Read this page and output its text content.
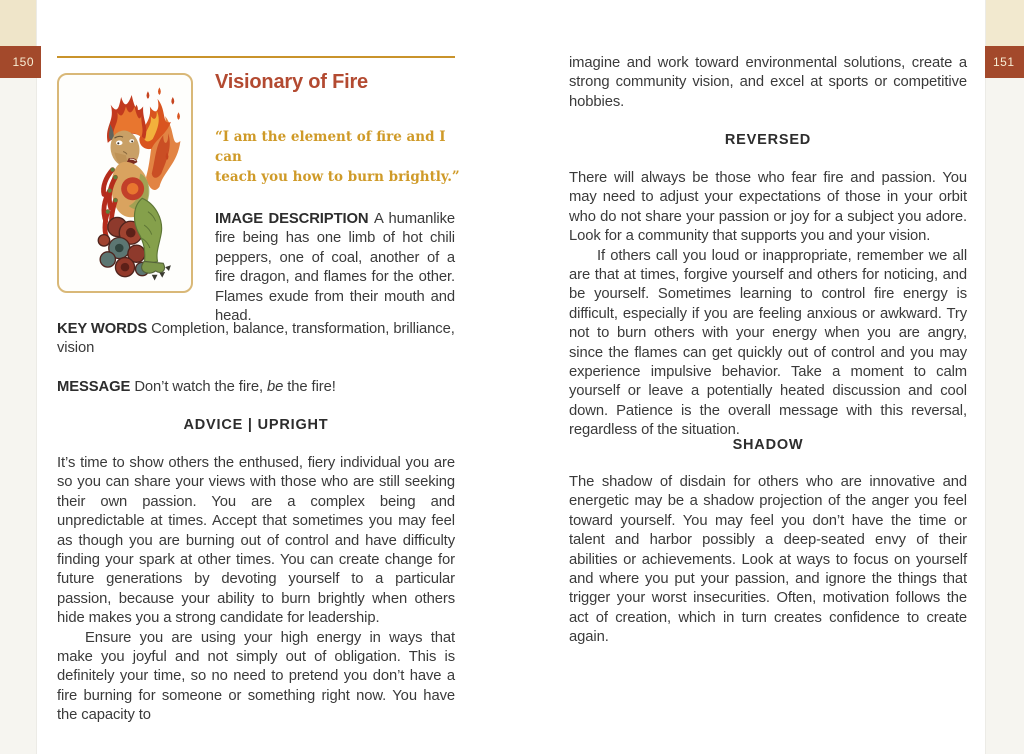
150	151
Visionary of Fire

“I am the element of fire and I can
teach you how to burn brightly.”

IMAGE DESCRIPTION A humanlike fire being has one limb of hot chili peppers, one of coal, another of a fire dragon, and flames for the other. Flames exude from their mouth and head.

KEY WORDS Completion, balance, transformation, brilliance, vision

MESSAGE Don’t watch the fire, be the fire!

ADVICE | UPRIGHT

It’s time to show others the enthused, fiery individual you are so you can share your views with those who are still seeking their own passion. You are a complex being and unpredictable at times. Accept that sometimes you may feel as though you are burning out of control and have difficulty finding your spark at other times. You can create change for future generations by devoting yourself to a particular passion, because your ability to burn brightly when others hide makes you a strong candidate for leadership.

Ensure you are using your high energy in ways that make you joyful and not simply out of obligation. This is definitely your time, so no need to pretend you don’t have a fire burning for someone or something right now. You have the capacity to

imagine and work toward environmental solutions, create a strong community vision, and excel at sports or competitive hobbies.

REVERSED

There will always be those who fear fire and passion. You may need to adjust your expectations of those in your orbit who do not share your passion or joy for a subject you adore. Look for a community that supports you and your vision.

If others call you loud or inappropriate, remember we all are that at times, forgive yourself and others for noticing, and be yourself. Sometimes learning to control fire energy is difficult, especially if you are feeling anxious or awkward. Try not to burn others with your energy when you are angry, since the flames can get quickly out of control and you may experience impulsive behavior. Take a moment to calm yourself or leave a potentially heated discussion and cool down. Patience is the overall message with this reversal, regardless of the situation.

SHADOW

The shadow of disdain for others who are innovative and energetic may be a shadow projection of the anger you feel toward yourself. You may feel you don’t have the time or talent and harbor possibly a deep-seated envy of their abilities or achievements. Look at ways to focus on yourself and where you put your passion, and ignore the things that trigger your worst insecurities. Often, motivation follows the act of creation, which in turn creates confidence to create again.
